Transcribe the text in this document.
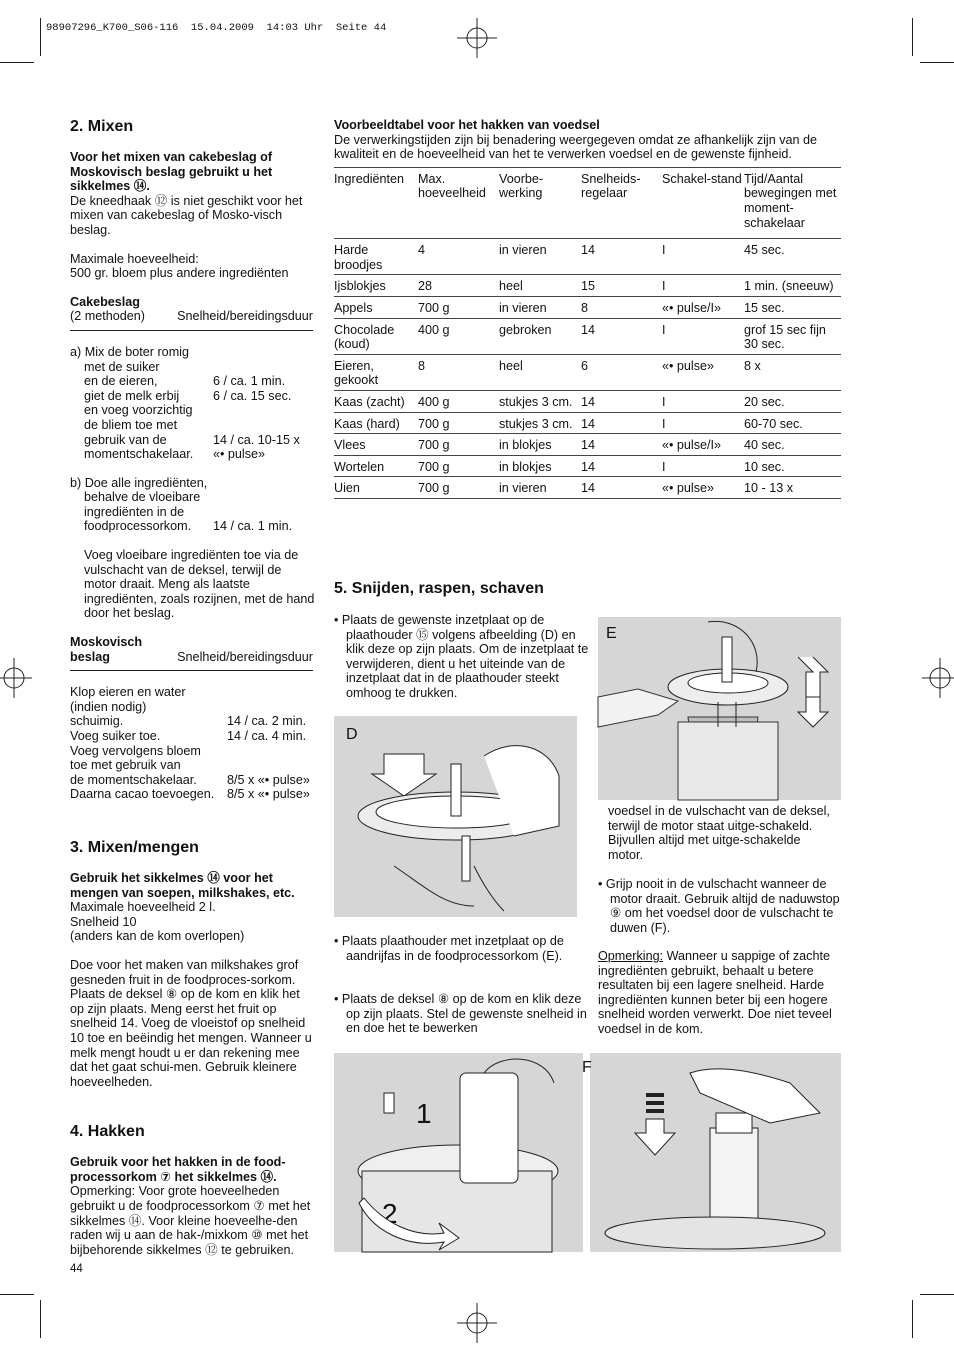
98907296_K700_S06-116  15.04.2009  14:03 Uhr  Seite 44
2. Mixen
Voor het mixen van cakebeslag of Moskovisch beslag gebruikt u het sikkelmes ⑭.
De kneedhaak ⑫ is niet geschikt voor het mixen van cakebeslag of Mosko-visch beslag.
Maximale hoeveelheid:
500 gr. bloem plus andere ingrediënten
Cakebeslag
(2 methoden)	Snelheid/bereidingsduur
a) Mix de boter romig
met de suiker
en de eieren,	6 / ca. 1 min.
giet de melk erbij	6 / ca. 15 sec.
en voeg voorzichtig
de bliem toe met
gebruik van de	14 / ca. 10-15 x
momentschakelaar. «• pulse»
b) Doe alle ingrediënten,
behalve de vloeibare
ingrediënten in de
foodprocessorkom. 14 / ca. 1 min.
Voeg vloeibare ingrediënten toe via de vulschacht van de deksel, terwijl de motor draait. Meng als laatste ingrediënten, zoals rozijnen, met de hand door het beslag.
Moskovisch
beslag	Snelheid/bereidingsduur
Klop eieren en water
(indien nodig)
schuimig.	14 / ca. 2 min.
Voeg suiker toe.	14 / ca. 4 min.
Voeg vervolgens bloem
toe met gebruik van
de momentschakelaar. 8/5 x «• pulse»
Daarna cacao toevoegen. 8/5 x «• pulse»
3. Mixen/mengen
Gebruik het sikkelmes ⑭ voor het mengen van soepen, milkshakes, etc.
Maximale hoeveelheid 2 l.
Snelheid 10
(anders kan de kom overlopen)
Doe voor het maken van milkshakes grof gesneden fruit in de foodproces-sorkom. Plaats de deksel ⑧ op de kom en klik het op zijn plaats. Meng eerst het fruit op snelheid 14. Voeg de vloeistof op snelheid 10 toe en beëindig het mengen. Wanneer u melk mengt houdt u er dan rekening mee dat het gaat schui-men. Gebruik kleinere hoeveelheden.
4. Hakken
Gebruik voor het hakken in de food-processorkom ⑦ het sikkelmes ⑭.
Opmerking: Voor grote hoeveelheden gebruikt u de foodprocessorkom ⑦ met het sikkelmes ⑭. Voor kleine hoeveelhe-den raden wij u aan de hak-/mixkom ⑩ met het bijbehorende sikkelmes ⑫ te gebruiken.
44
Voorbeeldtabel voor het hakken van voedsel
De verwerkingstijden zijn bij benadering weergegeven omdat ze afhankelijk zijn van de kwaliteit en de hoeveelheid van het te verwerken voedsel en de gewenste fijnheid.
Ingrediënten	Max. hoeveelheid	Voorbe-werking	Snelheids-regelaar	Schakel-stand	Tijd/Aantal bewegingen met moment-schakelaar
Harde broodjes	4	in vieren	14	I	45 sec.
Ijsblokjes	28	heel	15	I	1 min. (sneeuw)
Appels	700 g	in vieren	8	«• pulse/I»	15 sec.
Chocolade (koud)	400 g	gebroken	14	I	grof 15 sec fijn 30 sec.
Eieren, gekookt	8	heel	6	«• pulse»	8 x
Kaas (zacht)	400 g	stukjes 3 cm.	14	I	20 sec.
Kaas (hard)	700 g	stukjes 3 cm.	14	I	60-70 sec.
Vlees	700 g	in blokjes	14	«• pulse/I»	40 sec.
Wortelen	700 g	in blokjes	14	I	10 sec.
Uien	700 g	in vieren	14	«• pulse»	10 - 13 x
5. Snijden, raspen, schaven
• Plaats de gewenste inzetplaat op de plaathouder ⑮ volgens afbeelding (D) en klik deze op zijn plaats. Om de inzetplaat te verwijderen, dient u het uiteinde van de inzetplaat dat in de plaathouder steekt omhoog te drukken.
E
D
voedsel in de vulschacht van de deksel, terwijl de motor staat uitge-schakeld. Bijvullen altijd met uitge-schakelde motor.
• Grijp nooit in de vulschacht wanneer de motor draait. Gebruik altijd de naduwstop ⑨ om het voedsel door de vulschacht te duwen (F).
Opmerking: Wanneer u sappige of zachte ingrediënten gebruikt, behaalt u betere resultaten bij een lagere snelheid. Harde ingrediënten kunnen beter bij een hogere snelheid worden verwerkt. Doe niet teveel voedsel in de kom.
• Plaats plaathouder met inzetplaat op de aandrijfas in de foodprocessorkom (E).
• Plaats de deksel ⑧ op de kom en klik deze op zijn plaats. Stel de gewenste snelheid in en doe het te bewerken
1
2
F
